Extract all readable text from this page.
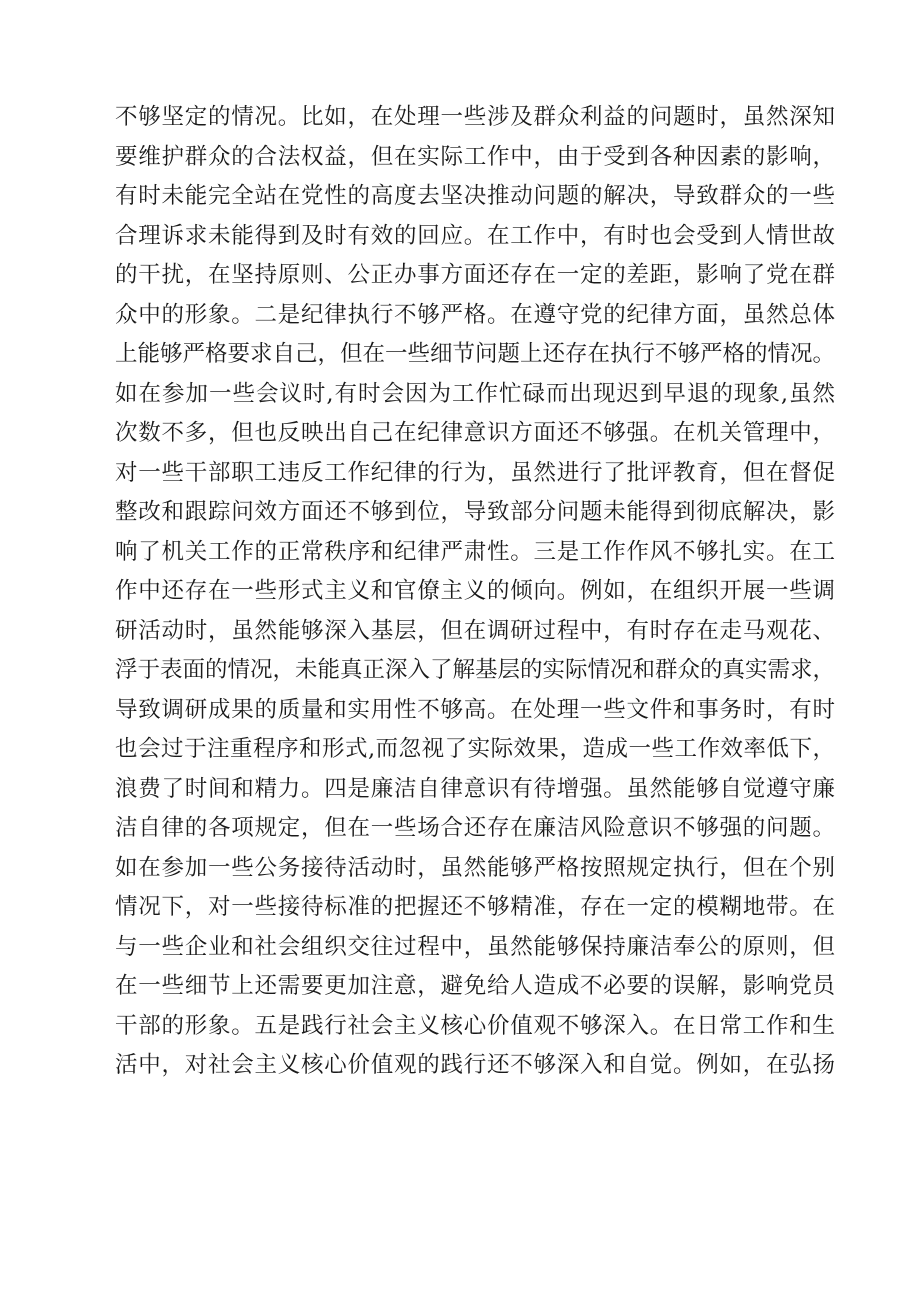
不够坚定的情况。比如，在处理一些涉及群众利益的问题时，虽然深知
要维护群众的合法权益，但在实际工作中，由于受到各种因素的影响，
有时未能完全站在党性的高度去坚决推动问题的解决，导致群众的一些
合理诉求未能得到及时有效的回应。在工作中，有时也会受到人情世故
的干扰，在坚持原则、公正办事方面还存在一定的差距，影响了党在群
众中的形象。二是纪律执行不够严格。在遵守党的纪律方面，虽然总体
上能够严格要求自己，但在一些细节问题上还存在执行不够严格的情况。
如在参加一些会议时,有时会因为工作忙碌而出现迟到早退的现象,虽然
次数不多，但也反映出自己在纪律意识方面还不够强。在机关管理中，
对一些干部职工违反工作纪律的行为，虽然进行了批评教育，但在督促
整改和跟踪问效方面还不够到位，导致部分问题未能得到彻底解决，影
响了机关工作的正常秩序和纪律严肃性。三是工作作风不够扎实。在工
作中还存在一些形式主义和官僚主义的倾向。例如，在组织开展一些调
研活动时，虽然能够深入基层，但在调研过程中，有时存在走马观花、
浮于表面的情况，未能真正深入了解基层的实际情况和群众的真实需求，
导致调研成果的质量和实用性不够高。在处理一些文件和事务时，有时
也会过于注重程序和形式,而忽视了实际效果，造成一些工作效率低下，
浪费了时间和精力。四是廉洁自律意识有待增强。虽然能够自觉遵守廉
洁自律的各项规定，但在一些场合还存在廉洁风险意识不够强的问题。
如在参加一些公务接待活动时，虽然能够严格按照规定执行，但在个别
情况下，对一些接待标准的把握还不够精准，存在一定的模糊地带。在
与一些企业和社会组织交往过程中，虽然能够保持廉洁奉公的原则，但
在一些细节上还需要更加注意，避免给人造成不必要的误解，影响党员
干部的形象。五是践行社会主义核心价值观不够深入。在日常工作和生
活中，对社会主义核心价值观的践行还不够深入和自觉。例如，在弘扬
